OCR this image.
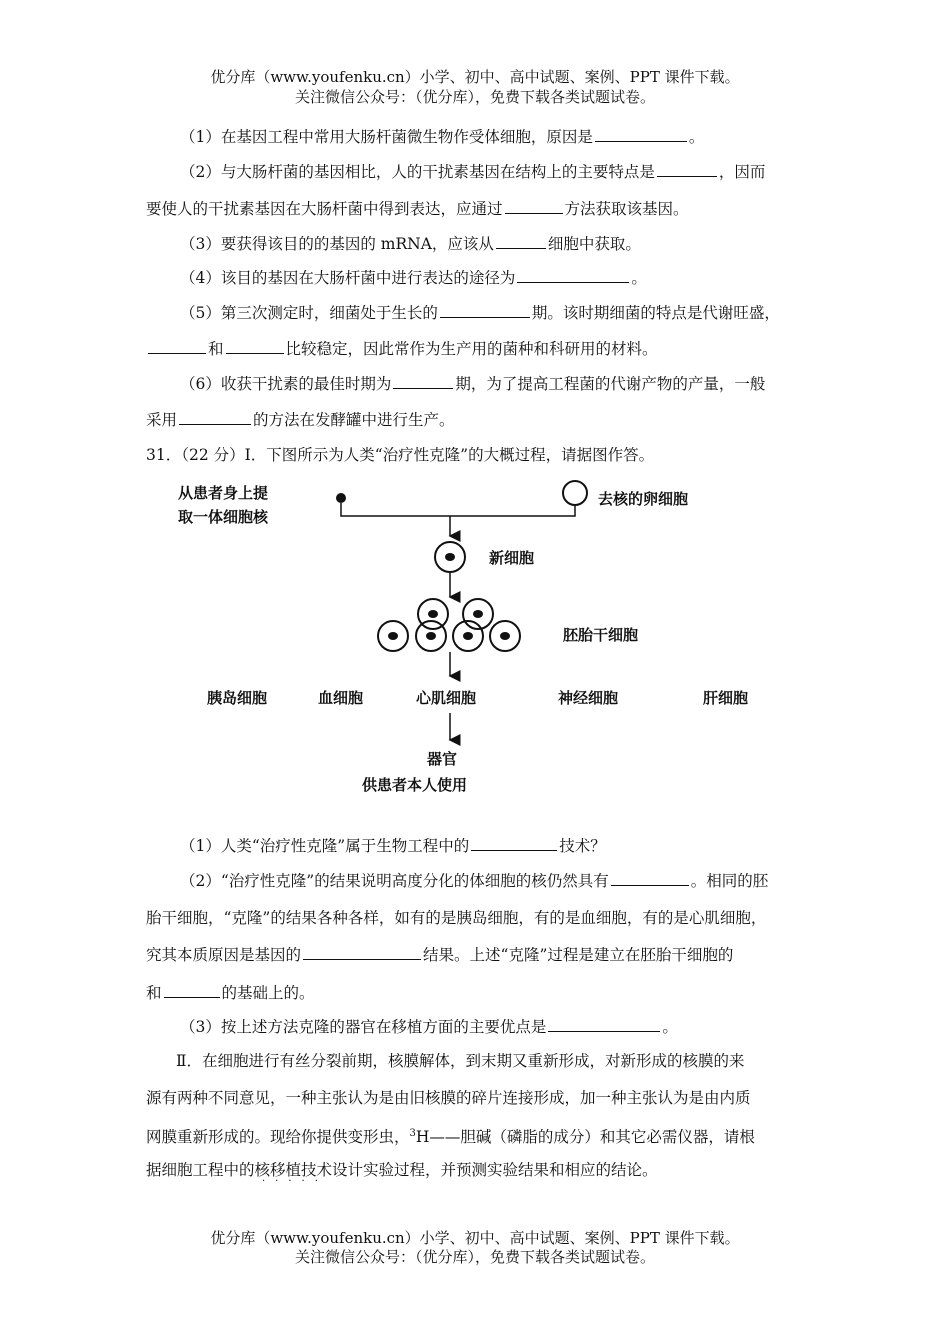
优分库（www.youfenku.cn）小学、初中、高中试题、案例、PPT 课件下载。
关注微信公众号：（优分库），免费下载各类试题试卷。
（1）在基因工程中常用大肠杆菌微生物作受体细胞，原因是	。
（2）与大肠杆菌的基因相比，人的干扰素基因在结构上的主要特点是	，因而
要使人的干扰素基因在大肠杆菌中得到表达，应通过	方法获取该基因。
（3）要获得该目的的基因的 mRNA，应该从	细胞中获取。
（4）该目的基因在大肠杆菌中进行表达的途径为	。
（5）第三次测定时，细菌处于生长的	期。该时期细菌的特点是代谢旺盛，
和	比较稳定，因此常作为生产用的菌种和科研用的材料。
（6）收获干扰素的最佳时期为	期，为了提高工程菌的代谢产物的产量，一般
采用	的方法在发酵罐中进行生产。
31．（22 分）Ⅰ．下图所示为人类“治疗性克隆”的大概过程，请据图作答。
从患者身上提
取一体细胞核
去核的卵细胞
新细胞
胚胎干细胞
胰岛细胞	血细胞	心肌细胞	神经细胞	肝细胞
器官
供患者本人使用
（1）人类“治疗性克隆”属于生物工程中的	技术？
（2）“治疗性克隆”的结果说明高度分化的体细胞的核仍然具有	。相同的胚
胎干细胞，“克隆”的结果各种各样，如有的是胰岛细胞，有的是血细胞，有的是心肌细胞，
究其本质原因是基因的	结果。上述“克隆”过程是建立在胚胎干细胞的
和	的基础上的。
（3）按上述方法克隆的器官在移植方面的主要优点是	。
Ⅱ．在细胞进行有丝分裂前期，核膜解体，到末期又重新形成，对新形成的核膜的来
源有两种不同意见，一种主张认为是由旧核膜的碎片连接形成，加一种主张认为是由内质
网膜重新形成的。现给你提供变形虫，$^3$H——胆碱（磷脂的成分）和其它必需仪器，请根
据细胞工程中的核移植技术设计实验过程，并预测实验结果和相应的结论。
·····
优分库（www.youfenku.cn）小学、初中、高中试题、案例、PPT 课件下载。
关注微信公众号：（优分库），免费下载各类试题试卷。
